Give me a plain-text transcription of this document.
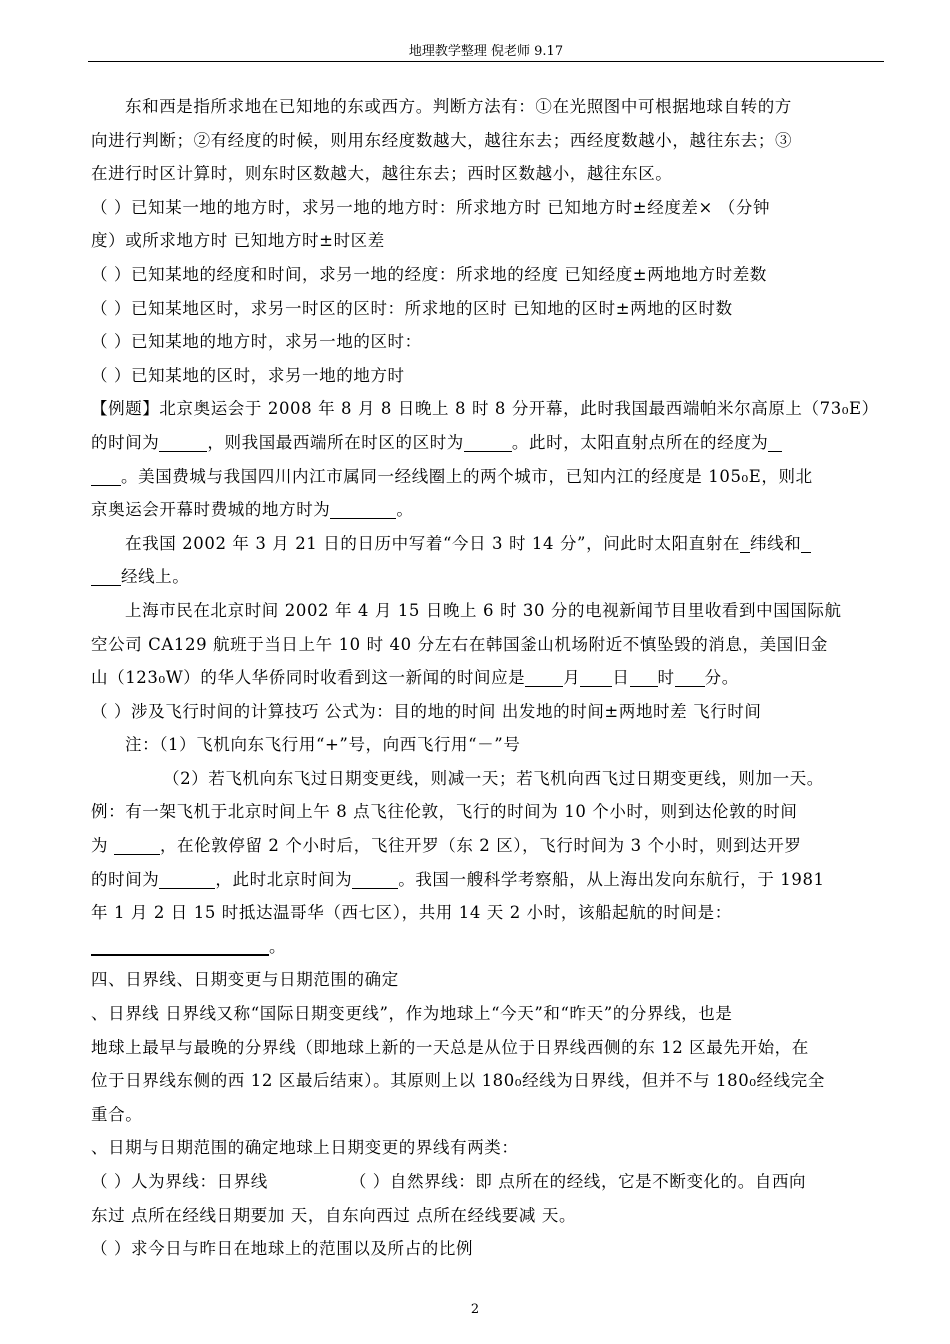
地理教学整理 倪老师 9.17
东和西是指所求地在已知地的东或西方。判断方法有：①在光照图中可根据地球自转的方
向进行判断；②有经度的时候，则用东经度数越大，越往东去；西经度数越小，越往东去；③
在进行时区计算时，则东时区数越大，越往东去；西时区数越小，越往东区。
（ ）已知某一地的地方时，求另一地的地方时：所求地方时 已知地方时±经度差× （分钟
度）或所求地方时 已知地方时±时区差
（ ）已知某地的经度和时间，求另一地的经度：所求地的经度 已知经度±两地地方时差数
（ ）已知某地区时，求另一时区的区时：所求地的区时 已知地的区时±两地的区时数
（ ）已知某地的地方时，求另一地的区时：
（ ）已知某地的区时，求另一地的地方时
【例题】北京奥运会于 2008 年 8 月 8 日晚上 8 时 8 分开幕，此时我国最西端帕米尔高原上（73₀E）
的时间为	，则我国最西端所在时区的区时为	。此时，太阳直射点所在的经度为
。美国费城与我国四川内江市属同一经线圈上的两个城市，已知内江的经度是 105₀E，则北
京奥运会开幕时费城的地方时为	。
在我国 2002 年 3 月 21 日的日历中写着“今日 3 时 14 分”，问此时太阳直射在 纬线和
经线上。
上海市民在北京时间 2002 年 4 月 15 日晚上 6 时 30 分的电视新闻节目里收看到中国国际航
空公司 CA129 航班于当日上午 10 时 40 分左右在韩国釜山机场附近不慎坠毁的消息，美国旧金
山（123₀W）的华人华侨同时收看到这一新闻的时间应是 月 日 时 分。
（ ）涉及飞行时间的计算技巧 公式为：目的地的时间 出发地的时间±两地时差 飞行时间
注：（1）飞机向东飞行用“+”号，向西飞行用“－”号
（2）若飞机向东飞过日期变更线，则减一天；若飞机向西飞过日期变更线，则加一天。
例：有一架飞机于北京时间上午 8 点飞往伦敦，飞行的时间为 10 个小时，则到达伦敦的时间
为	，在伦敦停留 2 个小时后，飞往开罗（东 2 区），飞行时间为 3 个小时，则到达开罗
的时间为	，此时北京时间为	。我国一艘科学考察船，从上海出发向东航行，于 1981
年 1 月 2 日 15 时抵达温哥华（西七区），共用 14 天 2 小时，该船起航的时间是：
。
四、日界线、日期变更与日期范围的确定
、日界线 日界线又称“国际日期变更线”，作为地球上“今天”和“昨天”的分界线，也是
地球上最早与最晚的分界线（即地球上新的一天总是从位于日界线西侧的东 12 区最先开始，在
位于日界线东侧的西 12 区最后结束）。其原则上以 180₀经线为日界线，但并不与 180₀经线完全
重合。
、日期与日期范围的确定地球上日期变更的界线有两类：
（ ）人为界线：日界线	（ ）自然界线：即 点所在的经线，它是不断变化的。自西向
东过 点所在经线日期要加 天，自东向西过 点所在经线要减 天。
（ ）求今日与昨日在地球上的范围以及所占的比例
2
